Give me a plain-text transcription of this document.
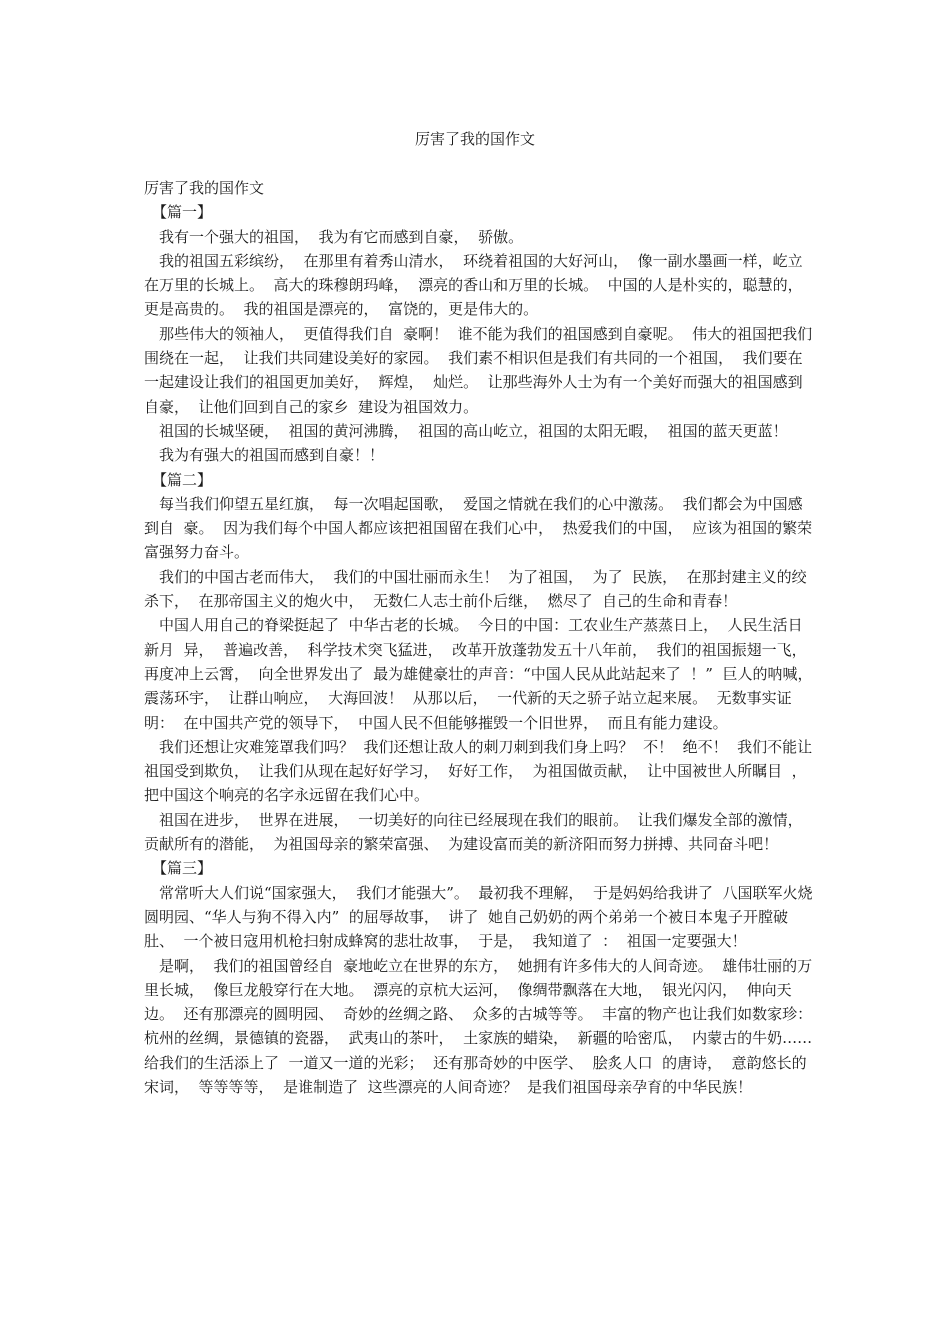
厉害了我的国作文

厉害了我的国作文

【篇一】

我有一个强大的祖国，  我为有它而感到自豪，  骄傲。

我的祖国五彩缤纷，  在那里有着秀山清水，  环绕着祖国的大好河山，  像一副水墨画一样，屹立在万里的长城上。  高大的珠穆朗玛峰，  漂亮的香山和万里的长城。  中国的人是朴实的，聪慧的，  更是高贵的。  我的祖国是漂亮的，  富饶的，更是伟大的。

那些伟大的领袖人，  更值得我们自  豪啊！  谁不能为我们的祖国感到自豪呢。  伟大的祖国把我们围绕在一起，  让我们共同建设美好的家园。  我们素不相识但是我们有共同的一个祖国，  我们要在一起建设让我们的祖国更加美好，  辉煌，  灿烂。  让那些海外人士为有一个美好而强大的祖国感到自豪，  让他们回到自己的家乡  建设为祖国效力。

祖国的长城坚硬，  祖国的黄河沸腾，  祖国的高山屹立，祖国的太阳无暇，  祖国的蓝天更蓝！

我为有强大的祖国而感到自豪！！

【篇二】

每当我们仰望五星红旗，  每一次唱起国歌，  爱国之情就在我们的心中激荡。  我们都会为中国感到自  豪。  因为我们每个中国人都应该把祖国留在我们心中，  热爱我们的中国，  应该为祖国的繁荣富强努力奋斗。

我们的中国古老而伟大，  我们的中国壮丽而永生！  为了祖国，  为了  民族，  在那封建主义的绞杀下，  在那帝国主义的炮火中，  无数仁人志士前仆后继，  燃尽了  自己的生命和青春！

中国人用自己的脊梁挺起了  中华古老的长城。  今日的中国：工农业生产蒸蒸日上，  人民生活日新月  异，  普遍改善，  科学技术突飞猛进，  改革开放蓬勃发五十八年前，  我们的祖国振翅一飞，  再度冲上云霄，  向全世界发出了  最为雄健豪壮的声音：“中国人民从此站起来了  ！”  巨人的呐喊，  震荡环宇，  让群山响应，  大海回波！  从那以后，  一代新的天之骄子站立起来展。  无数事实证明：  在中国共产党的领导下，  中国人民不但能够摧毁一个旧世界，  而且有能力建设。

我们还想让灾难笼罩我们吗？  我们还想让敌人的刺刀刺到我们身上吗？  不！  绝不！  我们不能让祖国受到欺负，  让我们从现在起好好学习，  好好工作，  为祖国做贡献，  让中国被世人所瞩目  ，  把中国这个响亮的名字永远留在我们心中。

祖国在进步，  世界在进展，  一切美好的向往已经展现在我们的眼前。  让我们爆发全部的激情，  贡献所有的潜能，  为祖国母亲的繁荣富强、  为建设富而美的新济阳而努力拼搏、共同奋斗吧！

【篇三】

常常听大人们说“国家强大，  我们才能强大”。  最初我不理解，  于是妈妈给我讲了  八国联军火烧圆明园、“华人与狗不得入内”  的屈辱故事，  讲了  她自己奶奶的两个弟弟一个被日本鬼子开膛破肚、  一个被日寇用机枪扫射成蜂窝的悲壮故事，  于是，  我知道了  ：  祖国一定要强大！

是啊，  我们的祖国曾经自  豪地屹立在世界的东方，  她拥有许多伟大的人间奇迹。  雄伟壮丽的万里长城，  像巨龙般穿行在大地。  漂亮的京杭大运河，  像绸带飘落在大地，  银光闪闪，  伸向天边。  还有那漂亮的圆明园、  奇妙的丝绸之路、  众多的古城等等。  丰富的物产也让我们如数家珍：  杭州的丝绸，景德镇的瓷器，  武夷山的茶叶，  土家族的蜡染，  新疆的哈密瓜，  内蒙古的牛奶……给我们的生活添上了  一道又一道的光彩；  还有那奇妙的中医学、  脍炙人口  的唐诗，  意韵悠长的宋词，  等等等等，  是谁制造了  这些漂亮的人间奇迹？  是我们祖国母亲孕育的中华民族！
